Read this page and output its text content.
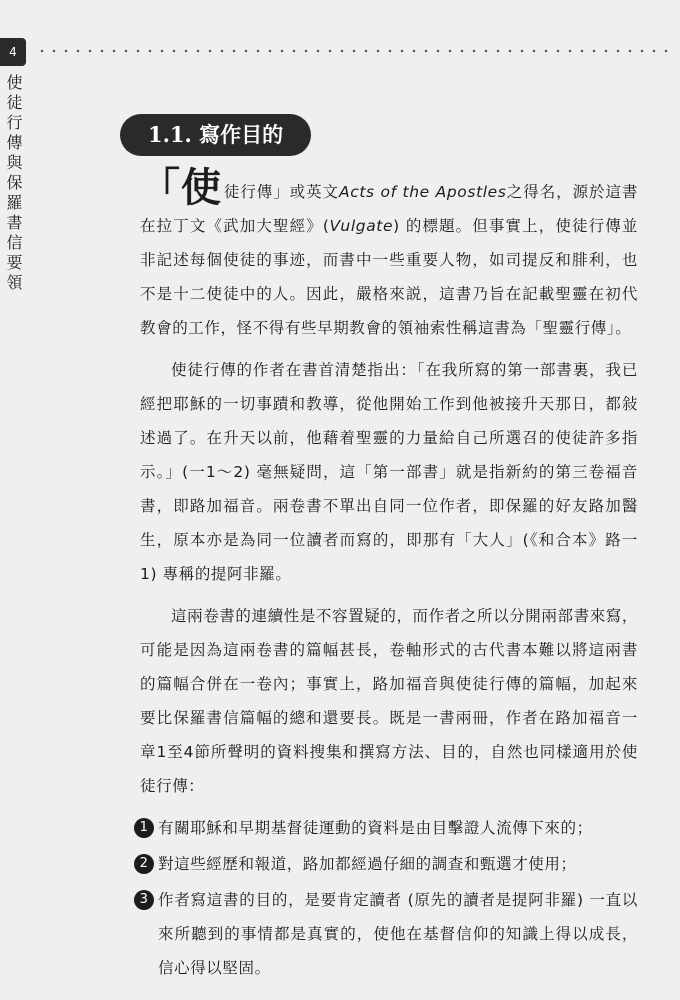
4
使徒行傳與保羅書信要領	1.1. 寫作目的

「使徒行傳」或英文Acts of the Apostles之得名，源於這書在拉丁文《武加大聖經》(Vulgate) 的標題。但事實上，使徒行傳並非記述每個使徒的事迹，而書中一些重要人物，如司提反和腓利，也不是十二使徒中的人。因此，嚴格來説，這書乃旨在記載聖靈在初代教會的工作，怪不得有些早期教會的領袖索性稱這書為「聖靈行傳」。

使徒行傳的作者在書首清楚指出：「在我所寫的第一部書裏，我已經把耶穌的一切事蹟和教導，從他開始工作到他被接升天那日，都敍述過了。在升天以前，他藉着聖靈的力量給自己所選召的使徒許多指示。」(一1～2) 毫無疑問，這「第一部書」就是指新約的第三卷福音書，即路加福音。兩卷書不單出自同一位作者，即保羅的好友路加醫生，原本亦是為同一位讀者而寫的，即那有「大人」(《和合本》路一1) 專稱的提阿非羅。

這兩卷書的連續性是不容置疑的，而作者之所以分開兩部書來寫，可能是因為這兩卷書的篇幅甚長，卷軸形式的古代書本難以將這兩書的篇幅合併在一卷內；事實上，路加福音與使徒行傳的篇幅，加起來要比保羅書信篇幅的總和還要長。既是一書兩冊，作者在路加福音一章1至4節所聲明的資料搜集和撰寫方法、目的，自然也同樣適用於使徒行傳：

1 有關耶穌和早期基督徒運動的資料是由目擊證人流傳下來的；
2 對這些經歷和報道，路加都經過仔細的調查和甄選才使用；
3 作者寫這書的目的，是要肯定讀者 (原先的讀者是提阿非羅) 一直以來所聽到的事情都是真實的，使他在基督信仰的知識上得以成長，信心得以堅固。
